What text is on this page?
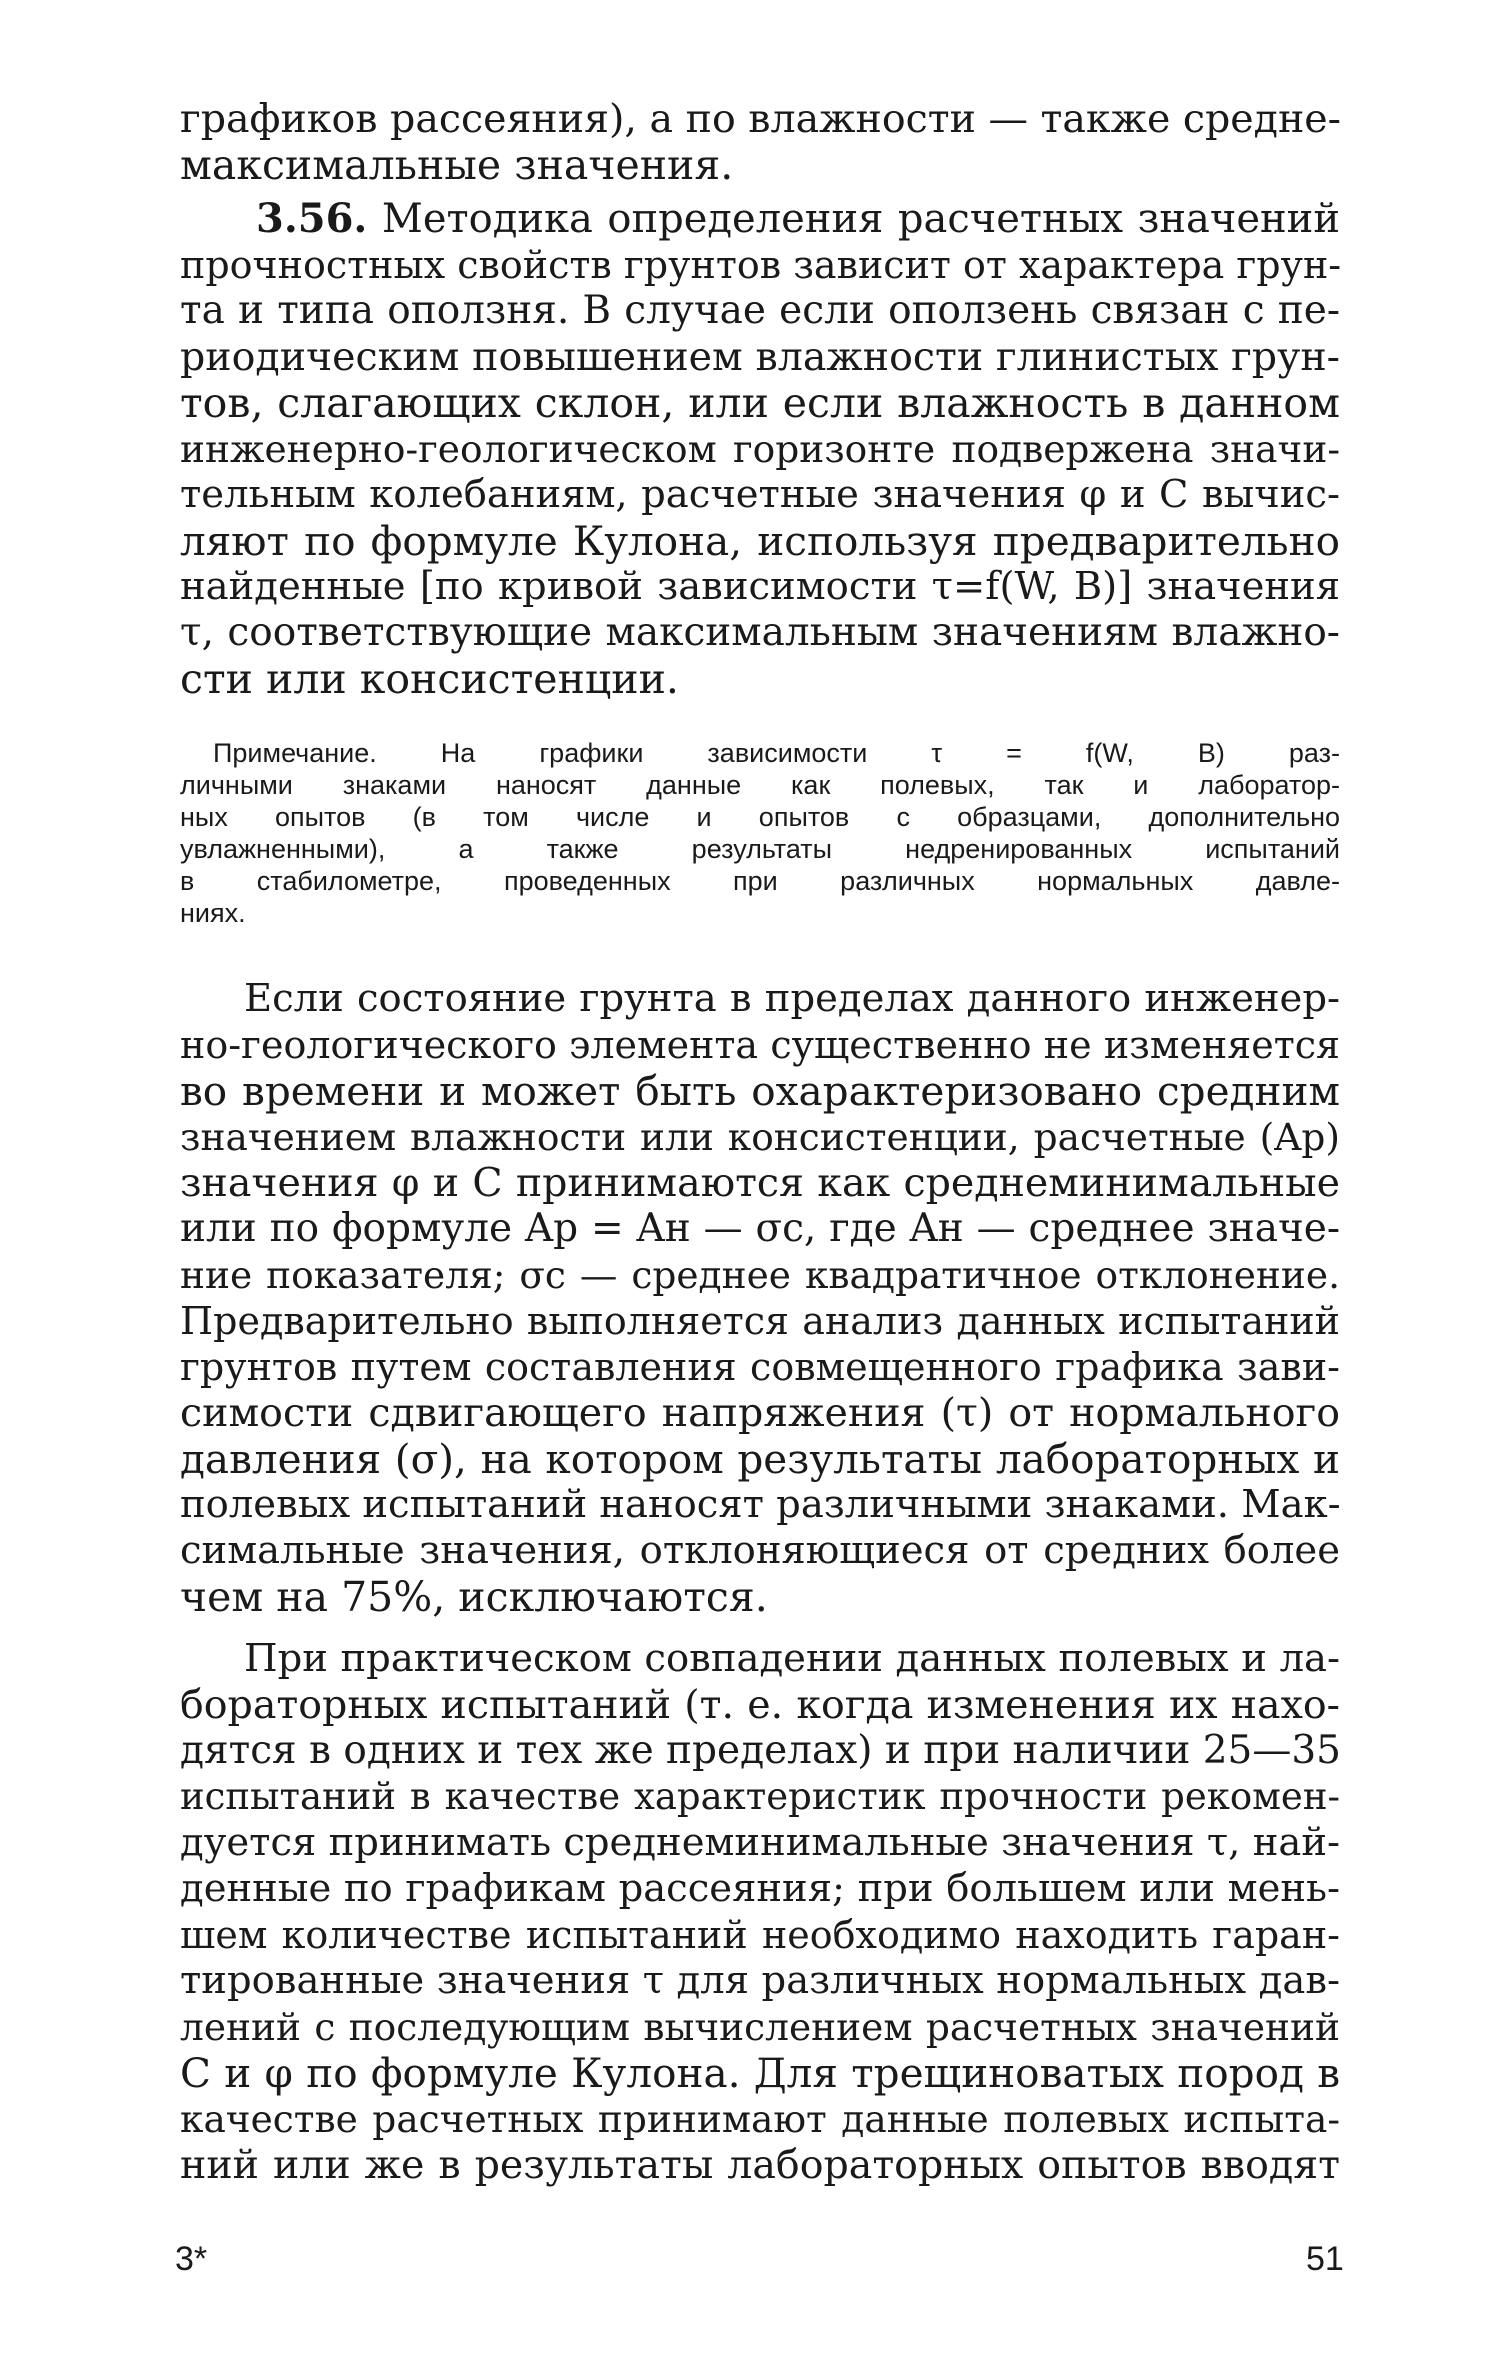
графиков рассеяния), а по влажности — также средне-
максимальные значения.
3.56. Методика определения расчетных значений
прочностных свойств грунтов зависит от характера грун-
та и типа оползня. В случае если оползень связан с пе-
риодическим повышением влажности глинистых грун-
тов, слагающих склон, или если влажность в данном
инженерно-геологическом горизонте подвержена значи-
тельным колебаниям, расчетные значения φ и C вычис-
ляют по формуле Кулона, используя предварительно
найденные [по кривой зависимости τ=f(W, B)] значения
τ, соответствующие максимальным значениям влажно-
сти или консистенции.
Примечание. На графики зависимости τ = f(W, B) раз-
личными знаками наносят данные как полевых, так и лаборатор-
ных опытов (в том числе и опытов с образцами, дополнительно
увлажненными), а также результаты недренированных испытаний
в стабилометре, проведенных при различных нормальных давле-
ниях.
Если состояние грунта в пределах данного инженер-
но-геологического элемента существенно не изменяется
во времени и может быть охарактеризовано средним
значением влажности или консистенции, расчетные (Aр)
значения φ и C принимаются как среднеминимальные
или по формуле Aр = Aн — σс, где Aн — среднее значе-
ние показателя; σс — среднее квадратичное отклонение.
Предварительно выполняется анализ данных испытаний
грунтов путем составления совмещенного графика зави-
симости сдвигающего напряжения (τ) от нормального
давления (σ), на котором результаты лабораторных и
полевых испытаний наносят различными знаками. Мак-
симальные значения, отклоняющиеся от средних более
чем на 75%, исключаются.
При практическом совпадении данных полевых и ла-
бораторных испытаний (т. е. когда изменения их нахо-
дятся в одних и тех же пределах) и при наличии 25—35
испытаний в качестве характеристик прочности рекомен-
дуется принимать среднеминимальные значения τ, най-
денные по графикам рассеяния; при большем или мень-
шем количестве испытаний необходимо находить гаран-
тированные значения τ для различных нормальных дав-
лений с последующим вычислением расчетных значений
C и φ по формуле Кулона. Для трещиноватых пород в
качестве расчетных принимают данные полевых испыта-
ний или же в результаты лабораторных опытов вводят
3*	51
